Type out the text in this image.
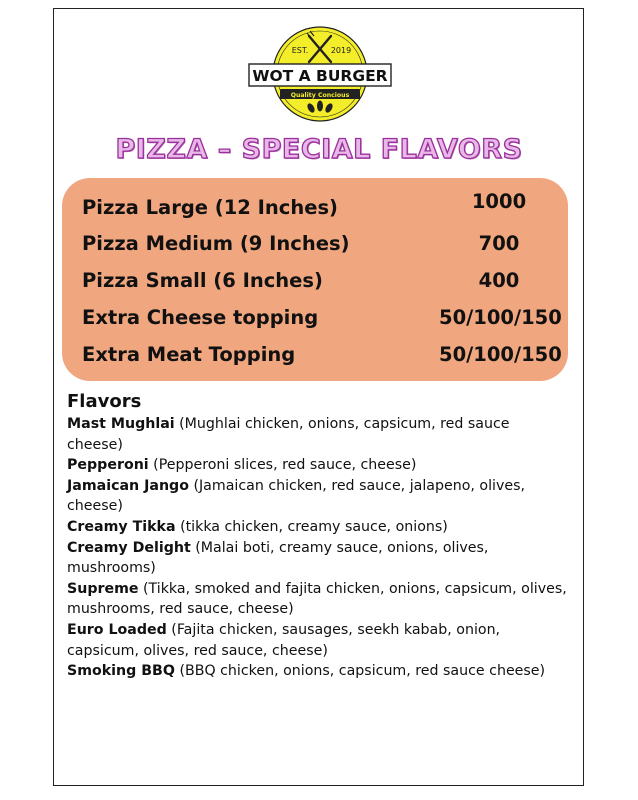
EST.	2019
WOT A BURGER
Quality Concious
PIZZA – SPECIAL FLAVORS
Pizza Large (12 Inches)	1000
Pizza Medium (9 Inches)	700
Pizza Small (6 Inches)	400
Extra Cheese topping	50/100/150
Extra Meat Topping	50/100/150
Flavors

Mast Mughlai (Mughlai chicken, onions, capsicum, red sauce cheese)

Pepperoni (Pepperoni slices, red sauce, cheese)

Jamaican Jango (Jamaican chicken, red sauce, jalapeno, olives, cheese)

Creamy Tikka (tikka chicken, creamy sauce, onions)

Creamy Delight (Malai boti, creamy sauce, onions, olives, mushrooms)

Supreme (Tikka, smoked and fajita chicken, onions, capsicum, olives, mushrooms, red sauce, cheese)

Euro Loaded (Fajita chicken, sausages, seekh kabab, onion, capsicum, olives, red sauce, cheese)

Smoking BBQ (BBQ chicken, onions, capsicum, red sauce cheese)
